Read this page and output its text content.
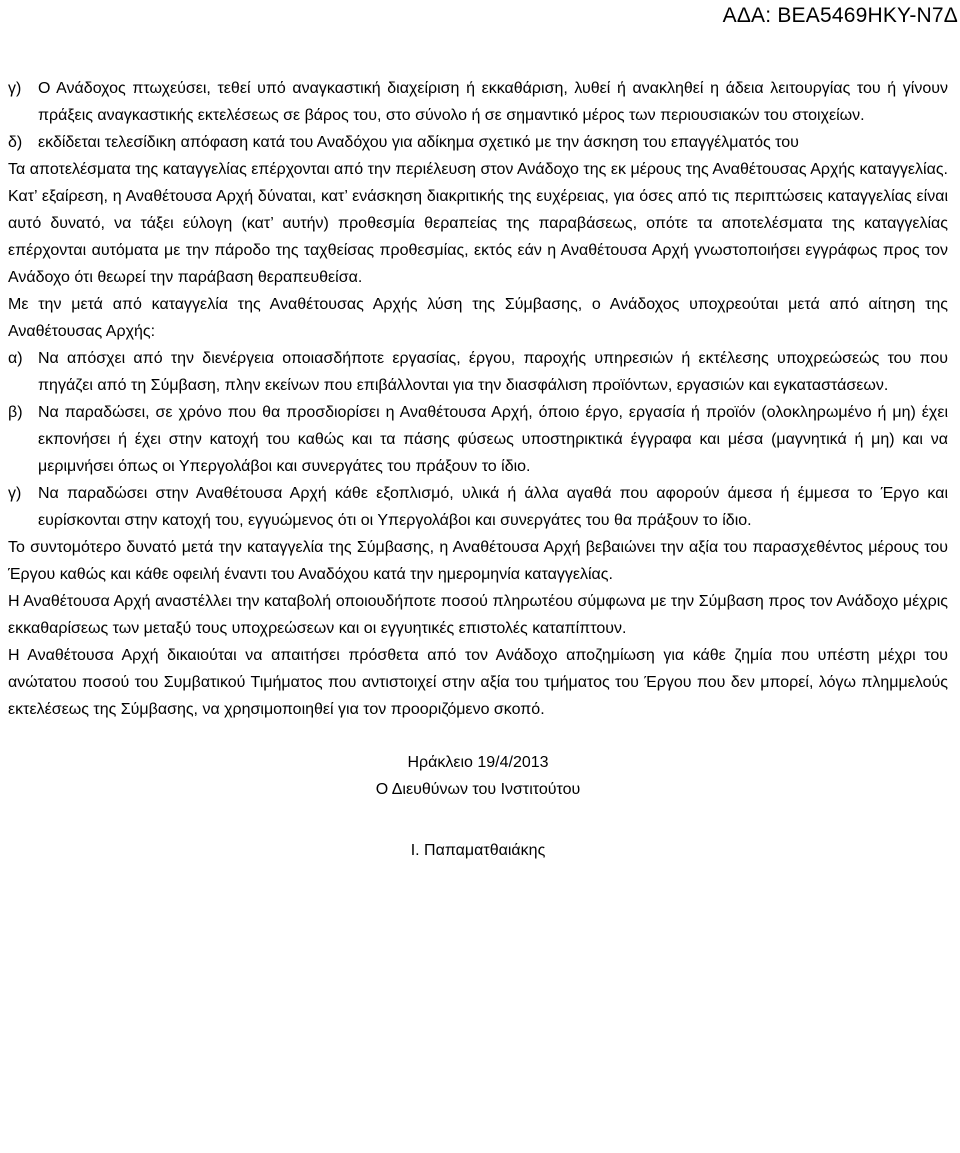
ΑΔΑ: ΒΕΑ5469ΗΚΥ-Ν7Δ
γ)	Ο Ανάδοχος πτωχεύσει, τεθεί υπό αναγκαστική διαχείριση ή εκκαθάριση, λυθεί ή ανακληθεί η άδεια λειτουργίας του ή γίνουν πράξεις αναγκαστικής εκτελέσεως σε βάρος του, στο σύνολο ή σε σημαντικό μέρος των περιουσιακών του στοιχείων.
δ) εκδίδεται τελεσίδικη απόφαση κατά του Αναδόχου για αδίκημα σχετικό με την άσκηση του επαγγέλματός του

Τα αποτελέσματα της καταγγελίας επέρχονται από την περιέλευση στον Ανάδοχο της εκ μέρους της Αναθέτουσας Αρχής καταγγελίας. Κατ’ εξαίρεση, η Αναθέτουσα Αρχή δύναται, κατ’ ενάσκηση διακριτικής της ευχέρειας, για όσες από τις περιπτώσεις καταγγελίας είναι αυτό δυνατό, να τάξει εύλογη (κατ’ αυτήν) προθεσμία θεραπείας της παραβάσεως, οπότε τα αποτελέσματα της καταγγελίας επέρχονται αυτόματα με την πάροδο της ταχθείσας προθεσμίας, εκτός εάν η Αναθέτουσα Αρχή γνωστοποιήσει εγγράφως προς τον Ανάδοχο ότι θεωρεί την παράβαση θεραπευθείσα.

Με την μετά από καταγγελία της Αναθέτουσας Αρχής λύση της Σύμβασης, ο Ανάδοχος υποχρεούται μετά από αίτηση της Αναθέτουσας Αρχής:

α) Να απόσχει από την διενέργεια οποιασδήποτε εργασίας, έργου, παροχής υπηρεσιών ή εκτέλεσης υποχρεώσεώς του που πηγάζει από τη Σύμβαση, πλην εκείνων που επιβάλλονται για την διασφάλιση προϊόντων, εργασιών και εγκαταστάσεων.
β) Να παραδώσει, σε χρόνο που θα προσδιορίσει η Αναθέτουσα Αρχή, όποιο έργο, εργασία ή προϊόν (ολοκληρωμένο ή μη) έχει εκπονήσει ή έχει στην κατοχή του καθώς και τα πάσης φύσεως υποστηρικτικά έγγραφα και μέσα (μαγνητικά ή μη) και να μεριμνήσει όπως οι Υπεργολάβοι και συνεργάτες του πράξουν το ίδιο.
γ)	Να παραδώσει στην Αναθέτουσα Αρχή κάθε εξοπλισμό, υλικά ή άλλα αγαθά που αφορούν άμεσα ή έμμεσα το Έργο και ευρίσκονται στην κατοχή του, εγγυώμενος ότι οι Υπεργολάβοι και συνεργάτες του θα πράξουν το ίδιο.

Το συντομότερο δυνατό μετά την καταγγελία της Σύμβασης, η Αναθέτουσα Αρχή βεβαιώνει την αξία του παρασχεθέντος μέρους του Έργου καθώς και κάθε οφειλή έναντι του Αναδόχου κατά την ημερομηνία καταγγελίας.

Η Αναθέτουσα Αρχή αναστέλλει την καταβολή οποιουδήποτε ποσού πληρωτέου σύμφωνα με την Σύμβαση προς τον Ανάδοχο μέχρις εκκαθαρίσεως των μεταξύ τους υποχρεώσεων και οι εγγυητικές επιστολές καταπίπτουν.

Η Αναθέτουσα Αρχή δικαιούται να απαιτήσει πρόσθετα από τον Ανάδοχο αποζημίωση για κάθε ζημία που υπέστη μέχρι του ανώτατου ποσού του Συμβατικού Τιμήματος που αντιστοιχεί στην αξία του τμήματος του Έργου που δεν μπορεί, λόγω πλημμελούς εκτελέσεως της Σύμβασης, να χρησιμοποιηθεί για τον προοριζόμενο σκοπό.

Ηράκλειο 19/4/2013

Ο Διευθύνων του Ινστιτούτου

Ι. Παπαματθαιάκης
